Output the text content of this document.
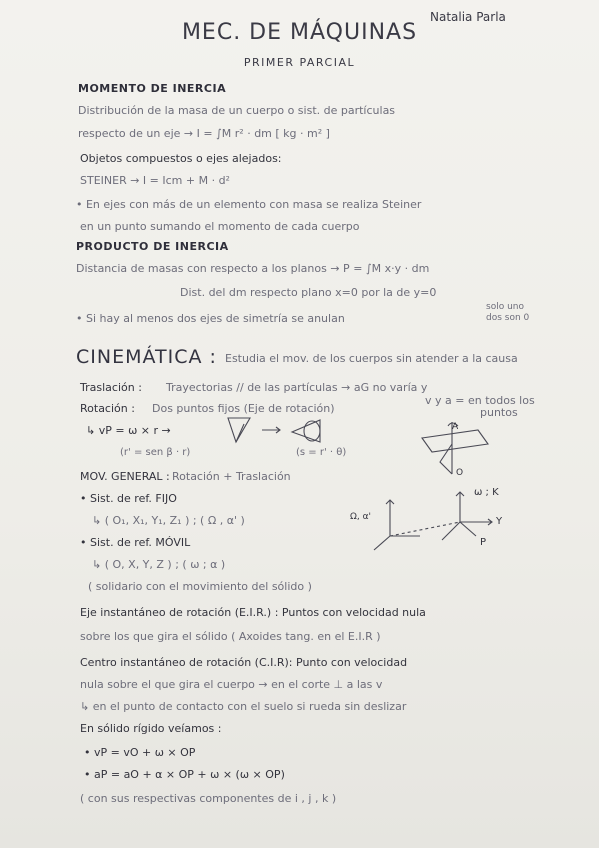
Natalia Parla
MEC. DE MÁQUINAS
PRIMER PARCIAL
MOMENTO DE INERCIA
Distribución de la masa de un cuerpo o sist. de partículas
respecto de un eje → I = ∫M r² · dm [ kg · m² ]
Objetos compuestos o ejes alejados:
STEINER → I = Icm + M · d²
• En ejes con más de un elemento con masa se realiza Steiner
en un punto sumando el momento de cada cuerpo
PRODUCTO DE INERCIA
Distancia de masas con respecto a los planos → P = ∫M x·y · dm
Dist. del dm respecto plano x=0 por la de y=0
• Si hay al menos dos ejes de simetría se anulan
solo uno
dos son 0
CINEMÁTICA : Estudia el mov. de los cuerpos sin atender a la causa
Traslación : Trayectorias // de las partículas → aG no varía y
v y a = en todos los
puntos
Rotación : Dos puntos fijos (Eje de rotación)
↳ vP = ω × r →
(r' = sen β · r)	(s = r' · θ)
A
O
MOV. GENERAL : Rotación + Traslación
• Sist. de ref. FIJO
↳ ( O₁, X₁, Y₁, Z₁ ) ; ( Ω , α' )
• Sist. de ref. MÓVIL
↳ ( O, X, Y, Z ) ; ( ω ; α )
( solidario con el movimiento del sólido )
ω ; K
Y
P
Ω, α'
Eje instantáneo de rotación (E.I.R.) : Puntos con velocidad nula
sobre los que gira el sólido ( Axoides tang. en el E.I.R )
Centro instantáneo de rotación (C.I.R): Punto con velocidad
nula sobre el que gira el cuerpo → en el corte ⊥ a las v
↳ en el punto de contacto con el suelo si rueda sin deslizar
En sólido rígido veíamos :
• vP = vO + ω × OP
• aP = aO + α × OP + ω × (ω × OP)
( con sus respectivas componentes de i , j , k )
